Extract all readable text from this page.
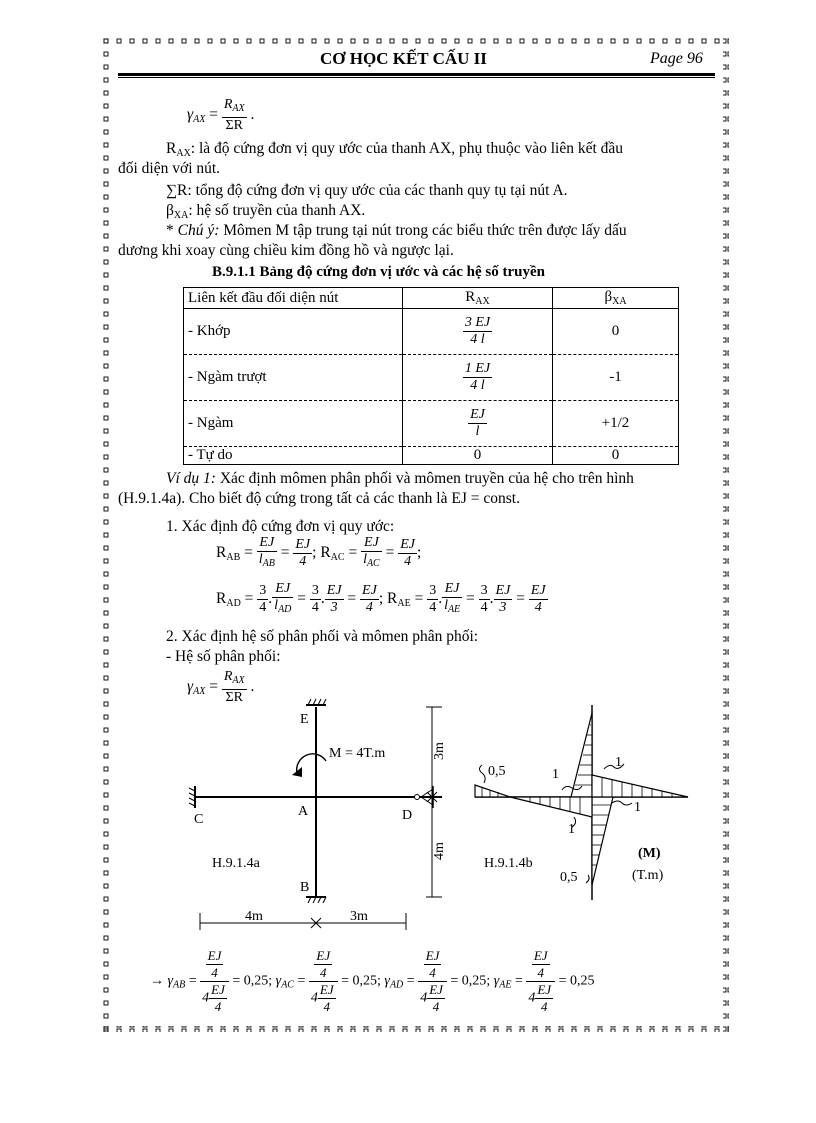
CƠ HỌC KẾT CẤU II	Page 96
$\gamma_{AX} = \frac{R_{AX}}{\Sigma R}$ .
$R_{AX}$: là độ cứng đơn vị quy ước của thanh AX, phụ thuộc vào liên kết đầu
đối diện với nút.
∑R: tổng độ cứng đơn vị quy ước của các thanh quy tụ tại nút A.
$\beta_{XA}$: hệ số truyền của thanh AX.
* Chú ý: Mômen M tập trung tại nút trong các biểu thức trên được lấy dấu
dương khi xoay cùng chiều kim đồng hồ và ngược lại.
B.9.1.1 Bảng độ cứng đơn vị ước và các hệ số truyền
Liên kết đầu đối diện nút	$R_{AX}$	$\beta_{XA}$
- Khớp	$\frac{3 EJ}{4 l}$	0
- Ngàm trượt	$\frac{1 EJ}{4 l}$	-1
- Ngàm	$\frac{EJ}{l}$	+1/2
- Tự do	0	0
Ví dụ 1: Xác định mômen phân phối và mômen truyền của hệ cho trên hình
(H.9.1.4a). Cho biết độ cứng trong tất cả các thanh là EJ = const.
1. Xác định độ cứng đơn vị quy ước:
$R_{AB} = \frac{EJ}{l_{AB}} = \frac{EJ}{4}$ ; $R_{AC} = \frac{EJ}{l_{AC}} = \frac{EJ}{4}$ ;
$R_{AD} = \frac{3}{4}$ . $\frac{EJ}{l_{AD}} = \frac{3}{4}$ . $\frac{EJ}{3} = \frac{EJ}{4}$ ; $R_{AE} = \frac{3}{4}$ . $\frac{EJ}{l_{AE}} = \frac{3}{4}$ . $\frac{EJ}{3} = \frac{EJ}{4}$
2. Xác định hệ số phân phối và mômen phân phối:
- Hệ số phân phối:
$\gamma_{AX} = \frac{R_{AX}}{\Sigma R}$ .
E
M = 4T.m
A
C	D
H.9.1.4a
B
3m
4m
4m	3m
0,5	1
1
1
1
0,5
H.9.1.4b
(M)
(T.m)
→ $\gamma_{AB} = \frac{\frac{EJ}{4}}{4 \frac{EJ}{4}} = 0,25$; $\gamma_{AC} = \frac{\frac{EJ}{4}}{4 \frac{EJ}{4}} = 0,25$; $\gamma_{AD} = \frac{\frac{EJ}{4}}{4 \frac{EJ}{4}} = 0,25$; $\gamma_{AE} = \frac{\frac{EJ}{4}}{4 \frac{EJ}{4}} = 0,25$
